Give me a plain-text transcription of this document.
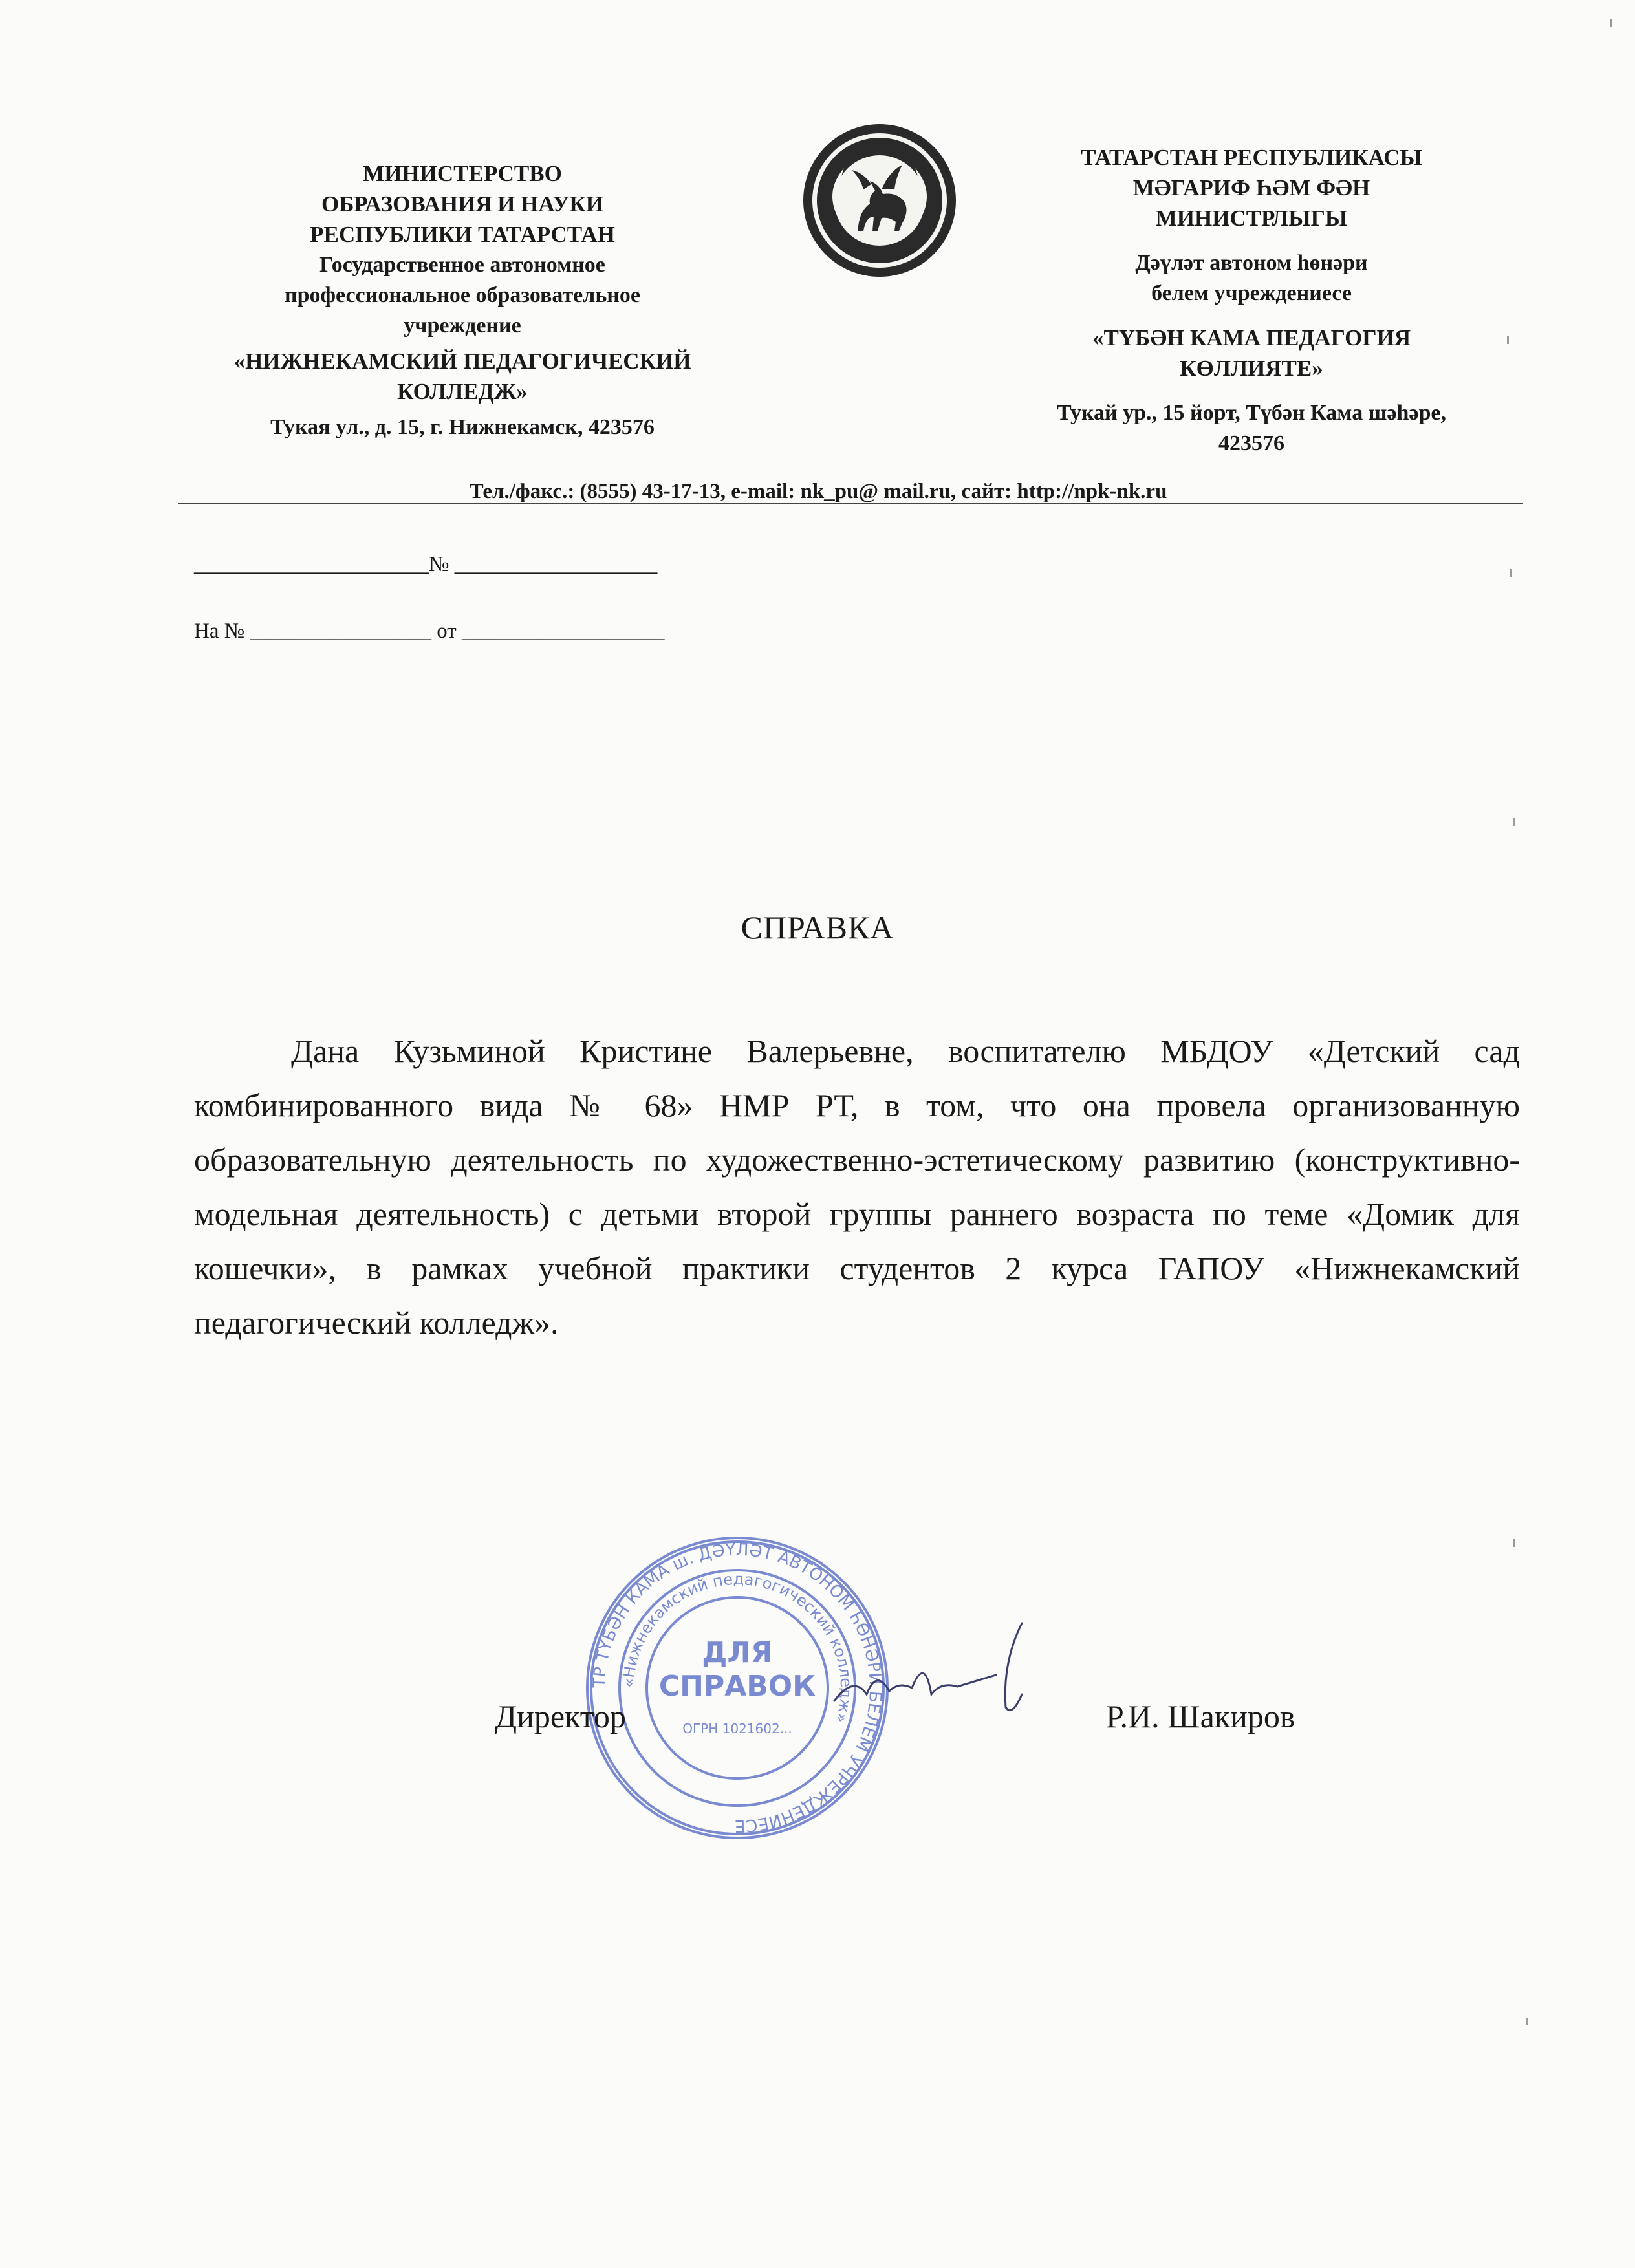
МИНИСТЕРСТВО
ОБРАЗОВАНИЯ И НАУКИ
РЕСПУБЛИКИ ТАТАРСТАН
Государственное автономное
профессиональное образовательное
учреждение
«НИЖНЕКАМСКИЙ ПЕДАГОГИЧЕСКИЙ
КОЛЛЕДЖ»
Тукая ул., д. 15, г. Нижнекамск, 423576
ТАТАРСТАН РЕСПУБЛИКАСЫ
МӘГАРИФ ҺӘМ ФӘН
МИНИСТРЛЫГЫ
Дәүләт автоном һөнәри
белем учреждениесе
«ТҮБӘН КАМА ПЕДАГОГИЯ
КӨЛЛИЯТЕ»
Тукай ур., 15 йорт, Түбән Кама шәһәре,
423576
Тел./факс.: (8555) 43-17-13, e-mail: nk_pu@ mail.ru, сайт: http://npk-nk.ru
______________________№ ___________________
На № _________________ от ___________________
СПРАВКА
Дана Кузьминой Кристине Валерьевне, воспитателю МБДОУ «Детский сад комбинированного вида № 68» НМР РТ, в том, что она провела организованную образовательную деятельность по художественно-эстетическому развитию (конструктивно-модельная деятельность) с детьми второй группы раннего возраста по теме «Домик для кошечки», в рамках учебной практики студентов 2 курса ГАПОУ «Нижнекамский педагогический колледж».
ТР ТҮБӘН КАМА ш. ДӘҮЛӘТ АВТОНОМ ҺӨНӘРИ БЕЛЕМ УЧРЕЖДЕНИЕСЕ
«Нижнекамский педагогический колледж»
ДЛЯ
СПРАВОК
ОГРН 1021602...
Директор	Р.И. Шакиров
